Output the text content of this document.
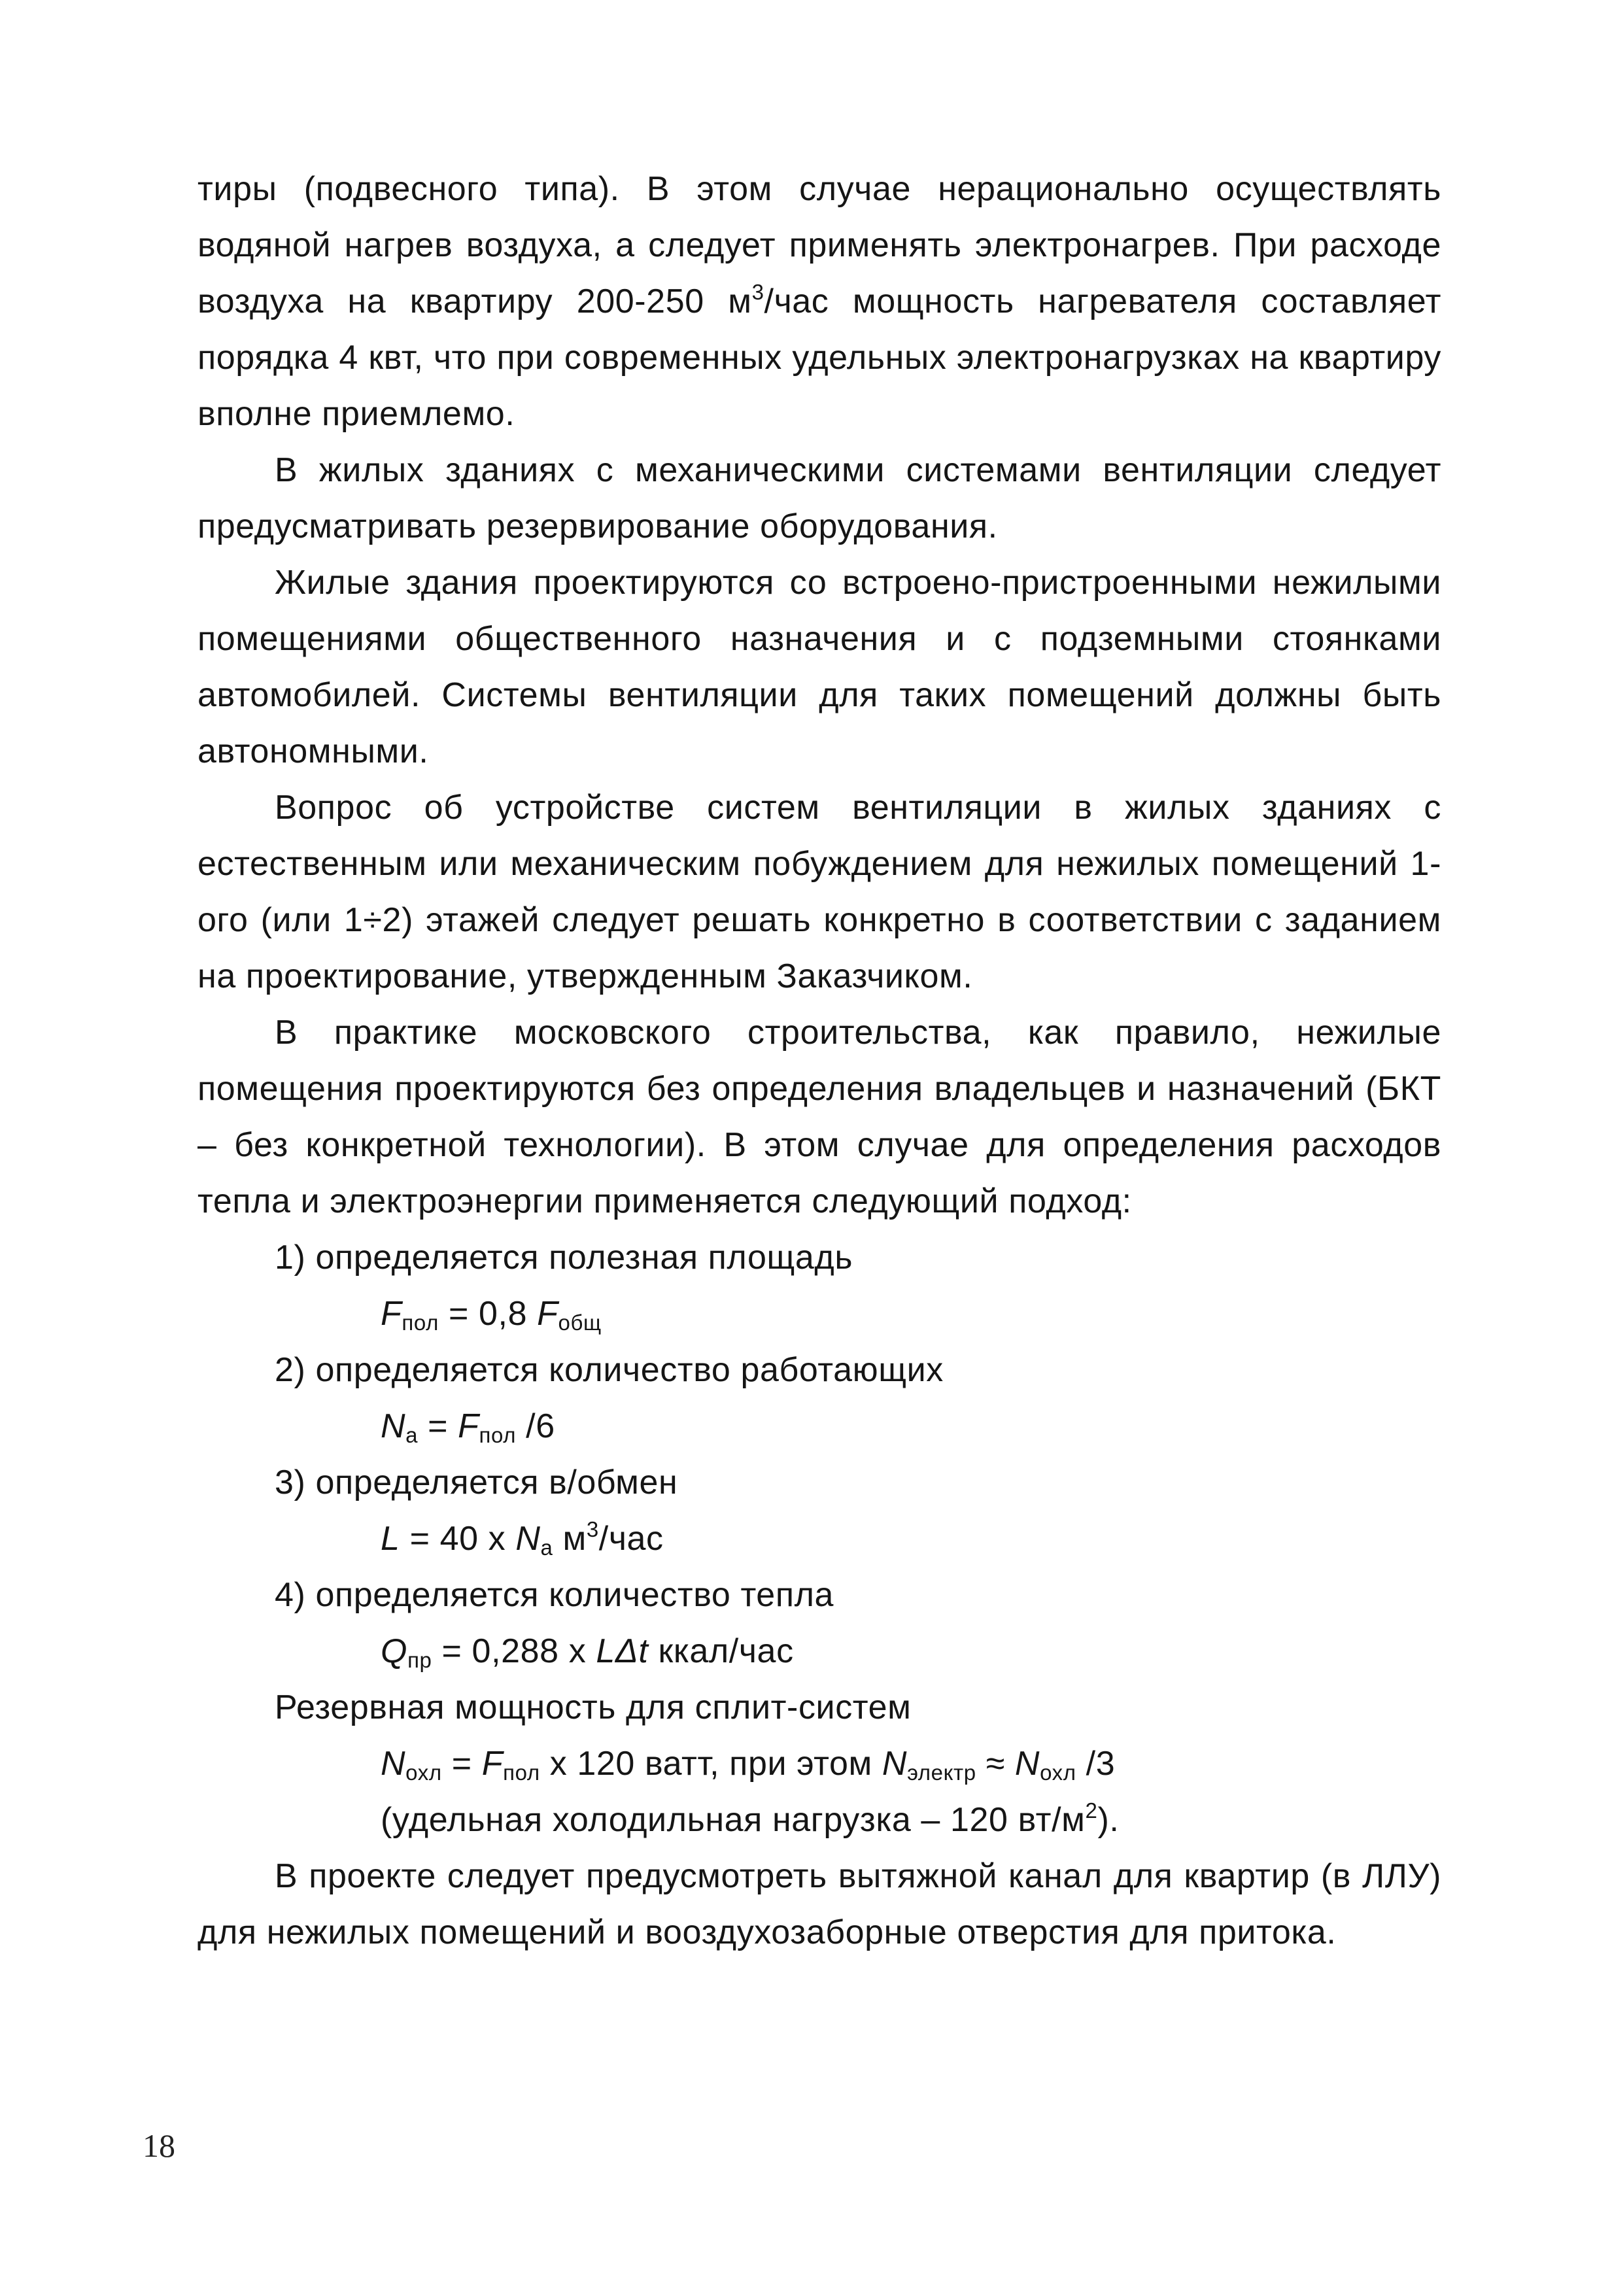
тиры (подвесного типа). В этом случае нерационально осуществлять водяной нагрев воздуха, а следует применять электронагрев. При расходе воздуха на квартиру 200-250 $м^3$/час мощность нагревателя составляет порядка 4 квт, что при современных удельных электронагрузках на квартиру вполне приемлемо.

В жилых зданиях с механическими системами вентиляции следует предусматривать резервирование оборудования.

Жилые здания проектируются со встроено-пристроенными нежилыми помещениями общественного назначения и с подземными стоянками автомобилей. Системы вентиляции для таких помещений должны быть автономными.

Вопрос об устройстве систем вентиляции в жилых зданиях с естественным или механическим побуждением для нежилых помещений 1-ого (или 1÷2) этажей следует решать конкретно в соответствии с заданием на проектирование, утвержденным Заказчиком.

В практике московского строительства, как правило, нежилые помещения проектируются без определения владельцев и назначений (БКТ – без конкретной технологии). В этом случае для определения расходов тепла и электроэнергии применяется следующий подход:

1) определяется полезная площадь

$F_{пол} = 0,8$ $F_{общ}$

2) определяется количество работающих

$N_а = F_{пол}$ /6

3) определяется в/обмен

L = 40 x $N_а$ $м^3$/час

4) определяется количество тепла

$Q_{пр} = 0,288$ x LΔt ккал/час

Резервная мощность для сплит-систем

$N_{охл} = F_{пол}$ x 120 ватт, при этом $N_{электр} \approx N_{охл}$ /3

(удельная холодильная нагрузка – 120 $вт/м^2$).

В проекте следует предусмотреть вытяжной канал для квартир (в ЛЛУ) для нежилых помещений и вооздухозаборные отверстия для притока.

18
